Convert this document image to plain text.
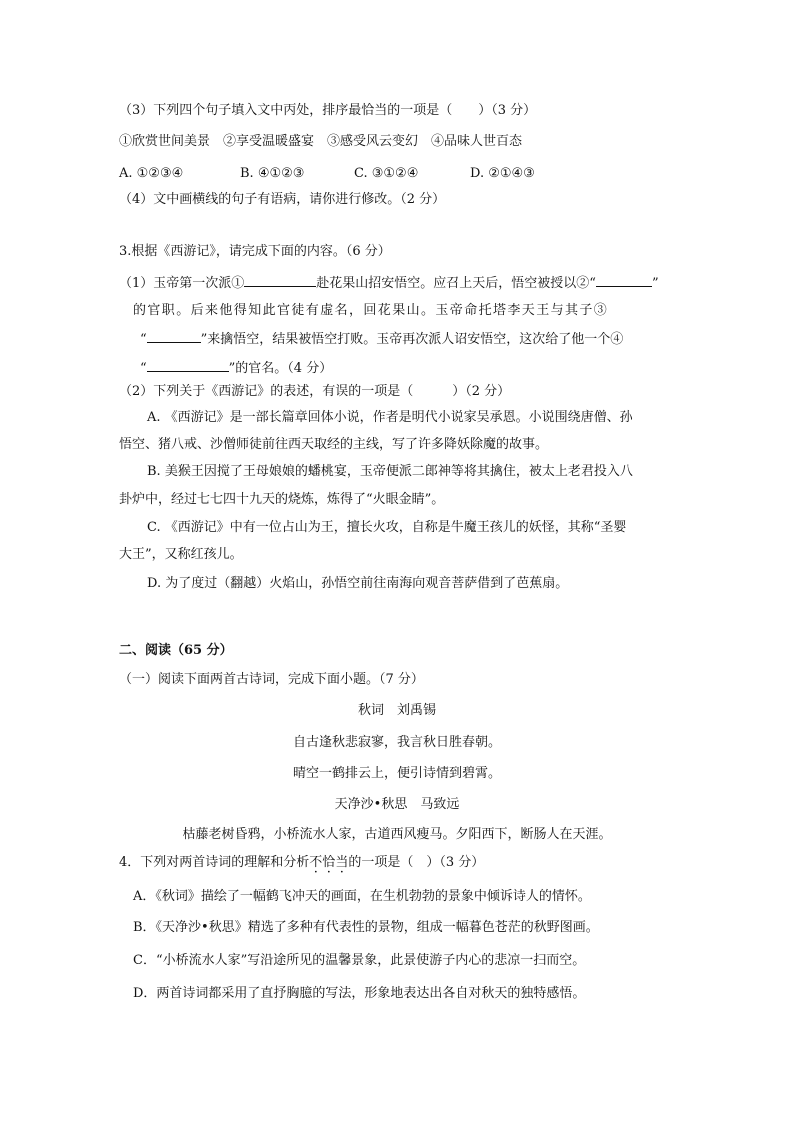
（3）下列四个句子填入文中丙处，排序最恰当的一项是（　　）（3 分）
①欣赏世间美景　②享受温暖盛宴　③感受风云变幻　④品味人世百态
A. ①②③④	B. ④①②③	C. ③①②④	D. ②①④③
（4）文中画横线的句子有语病，请你进行修改。（2 分）
3.根据《西游记》，请完成下面的内容。（6 分）
（1）玉帝第一次派①	赴花果山招安悟空。应召上天后，悟空被授以②“	”
的官职。后来他得知此官徒有虚名，回花果山。玉帝命托塔李天王与其子③
“	”来擒悟空，结果被悟空打败。玉帝再次派人诏安悟空，这次给了他一个④
“	”的官名。（4 分）
（2）下列关于《西游记》的表述，有误的一项是（　　　）（2 分）
A. 《西游记》是一部长篇章回体小说，作者是明代小说家吴承恩。小说围绕唐僧、孙
悟空、猪八戒、沙僧师徒前往西天取经的主线，写了许多降妖除魔的故事。
B. 美猴王因搅了王母娘娘的蟠桃宴，玉帝便派二郎神等将其擒住，被太上老君投入八
卦炉中，经过七七四十九天的烧炼，炼得了“火眼金睛”。
C. 《西游记》中有一位占山为王，擅长火攻，自称是牛魔王孩儿的妖怪，其称“圣婴
大王”，又称红孩儿。
D. 为了度过（翻越）火焰山，孙悟空前往南海向观音菩萨借到了芭蕉扇。
二、阅读（65 分）
（一）阅读下面两首古诗词，完成下面小题。（7 分）
秋词　刘禹锡
自古逢秋悲寂寥，我言秋日胜春朝。
晴空一鹤排云上，便引诗情到碧霄。
天净沙•秋思　马致远
枯藤老树昏鸦，小桥流水人家，古道西风瘦马。夕阳西下，断肠人在天涯。
4．下列对两首诗词的理解和分析不恰当的一项是（　）（3 分）
A．《秋词》描绘了一幅鹤飞冲天的画面，在生机勃勃的景象中倾诉诗人的情怀。
B．《天净沙•秋思》精选了多种有代表性的景物，组成一幅暮色苍茫的秋野图画。
C．“小桥流水人家”写沿途所见的温馨景象，此景使游子内心的悲凉一扫而空。
D．两首诗词都采用了直抒胸臆的写法，形象地表达出各自对秋天的独特感悟。
